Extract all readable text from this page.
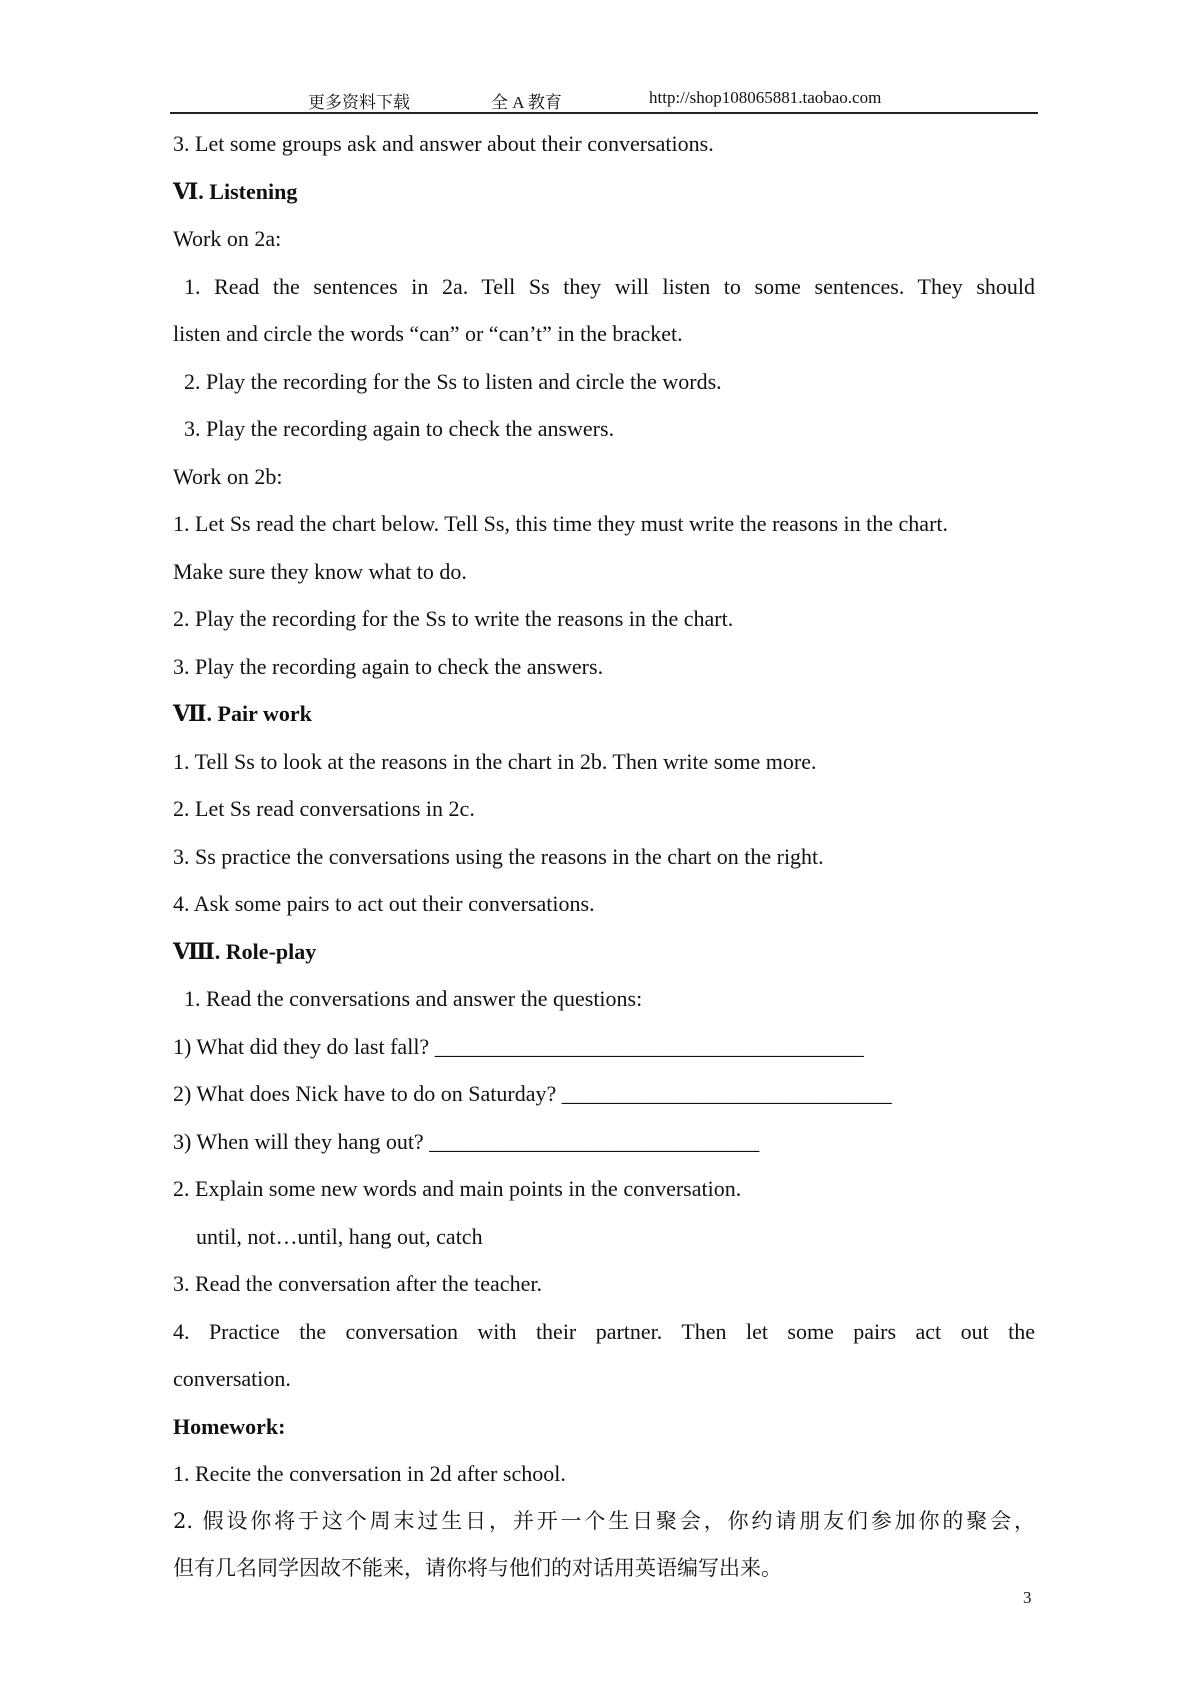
更多资料下载	全 A 教育	http://shop108065881.taobao.com
3. Let some groups ask and answer about their conversations.
Ⅵ. Listening
Work on 2a:
1. Read the sentences in 2a. Tell Ss they will listen to some sentences. They should
listen and circle the words “can” or “can’t” in the bracket.
2. Play the recording for the Ss to listen and circle the words.
3. Play the recording again to check the answers.
Work on 2b:
1. Let Ss read the chart below. Tell Ss, this time they must write the reasons in the chart.
Make sure they know what to do.
2. Play the recording for the Ss to write the reasons in the chart.
3. Play the recording again to check the answers.
Ⅶ. Pair work
1. Tell Ss to look at the reasons in the chart in 2b. Then write some more.
2. Let Ss read conversations in 2c.
3. Ss practice the conversations using the reasons in the chart on the right.
4. Ask some pairs to act out their conversations.
Ⅷ. Role-play
1. Read the conversations and answer the questions:
1) What did they do last fall? _______________________________________
2) What does Nick have to do on Saturday? ______________________________
3) When will they hang out? ______________________________
2. Explain some new words and main points in the conversation.
until, not…until, hang out, catch
3. Read the conversation after the teacher.
4. Practice the conversation with their partner. Then let some pairs act out the
conversation.
Homework:
1. Recite the conversation in 2d after school.
2. 假设你将于这个周末过生日，并开一个生日聚会，你约请朋友们参加你的聚会，
但有几名同学因故不能来，请你将与他们的对话用英语编写出来。
3
